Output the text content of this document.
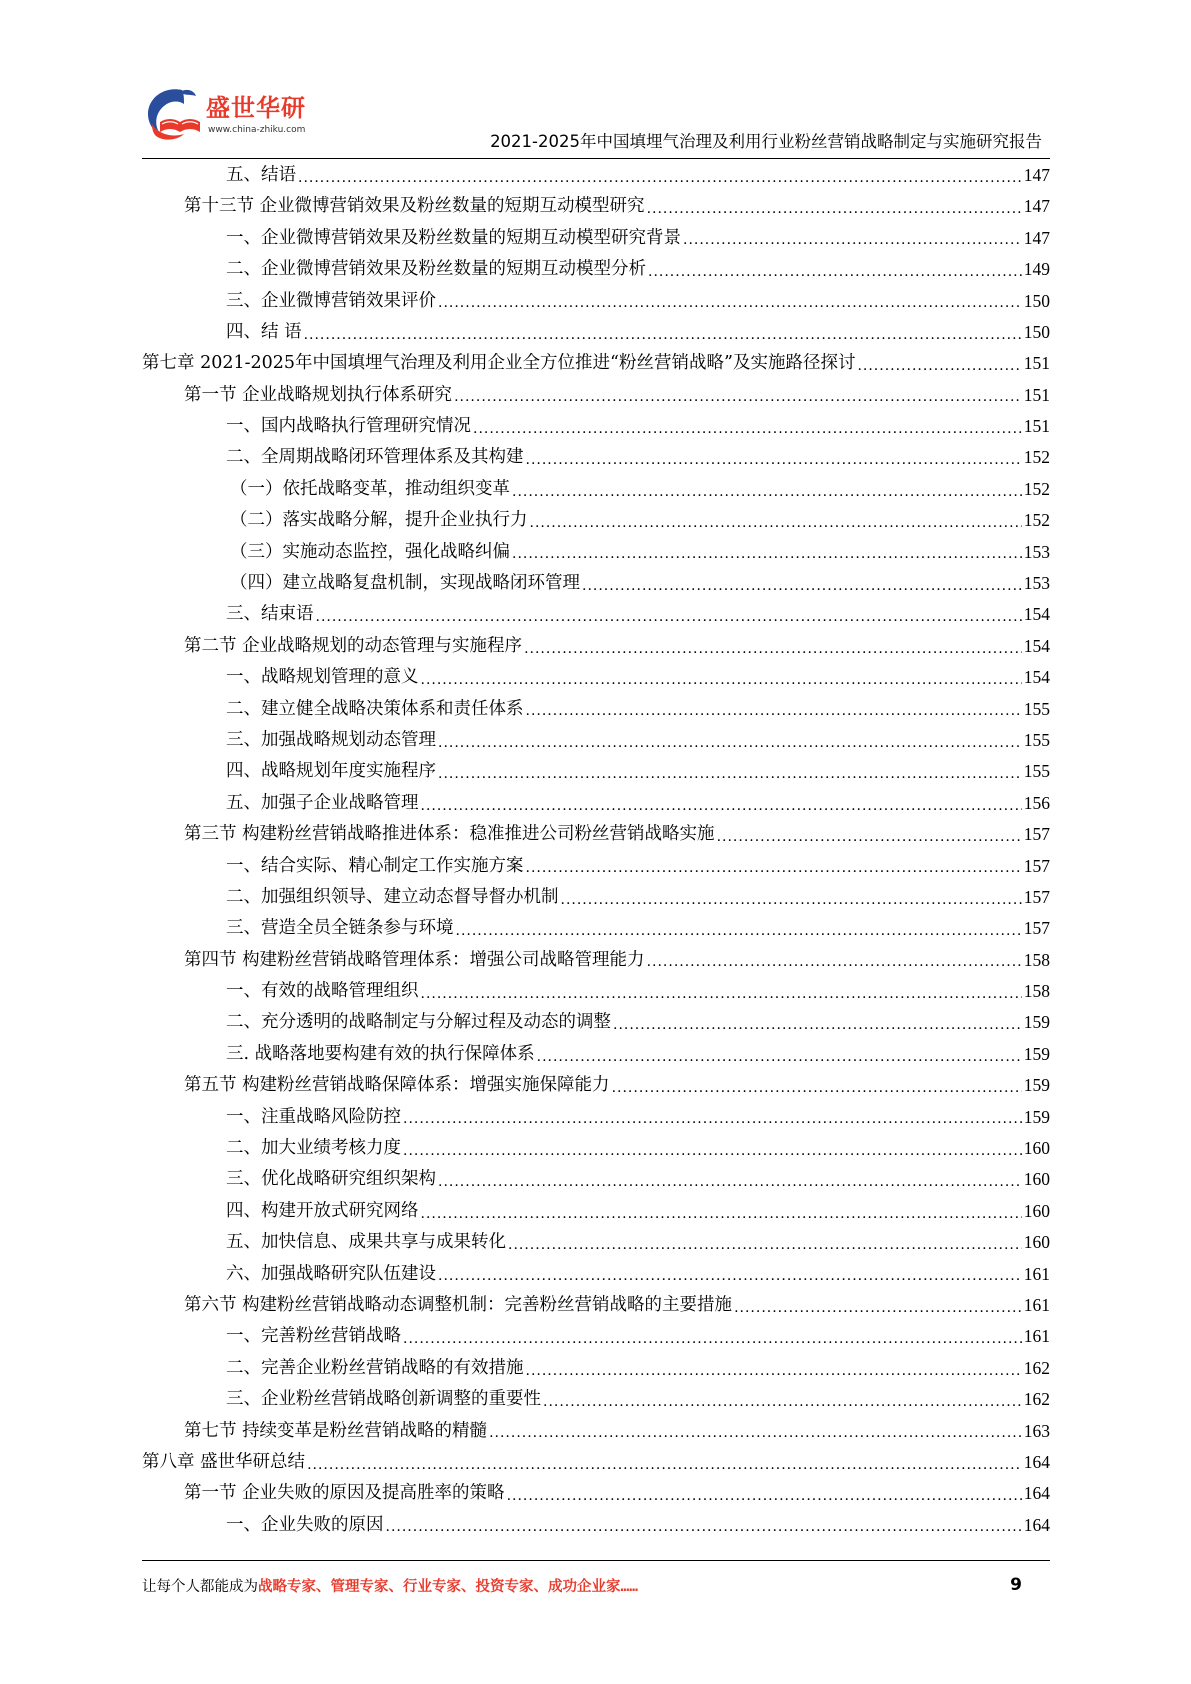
盛世华研
www.china-zhiku.com
2021-2025年中国填埋气治理及利用行业粉丝营销战略制定与实施研究报告
五、结语 .....	147
第十三节 企业微博营销效果及粉丝数量的短期互动模型研究 .....	147
一、企业微博营销效果及粉丝数量的短期互动模型研究背景 .....	147
二、企业微博营销效果及粉丝数量的短期互动模型分析 .....	149
三、企业微博营销效果评价 .....	150
四、结 语 .....	150
第七章 2021-2025年中国填埋气治理及利用企业全方位推进“粉丝营销战略”及实施路径探讨 .....	151
第一节 企业战略规划执行体系研究 .....	151
一、国内战略执行管理研究情况 .....	151
二、全周期战略闭环管理体系及其构建 .....	152
（一）依托战略变革，推动组织变革 .....	152
（二）落实战略分解，提升企业执行力 .....	152
（三）实施动态监控，强化战略纠偏 .....	153
（四）建立战略复盘机制，实现战略闭环管理 .....	153
三、结束语 .....	154
第二节 企业战略规划的动态管理与实施程序 .....	154
一、战略规划管理的意义 .....	154
二、建立健全战略决策体系和责任体系 .....	155
三、加强战略规划动态管理 .....	155
四、战略规划年度实施程序 .....	155
五、加强子企业战略管理 .....	156
第三节 构建粉丝营销战略推进体系：稳准推进公司粉丝营销战略实施 .....	157
一、结合实际、精心制定工作实施方案 .....	157
二、加强组织领导、建立动态督导督办机制 .....	157
三、营造全员全链条参与环境 .....	157
第四节 构建粉丝营销战略管理体系：增强公司战略管理能力 .....	158
一、有效的战略管理组织 .....	158
二、充分透明的战略制定与分解过程及动态的调整 .....	159
三. 战略落地要构建有效的执行保障体系 .....	159
第五节 构建粉丝营销战略保障体系：增强实施保障能力 .....	159
一、注重战略风险防控 .....	159
二、加大业绩考核力度 .....	160
三、优化战略研究组织架构 .....	160
四、构建开放式研究网络 .....	160
五、加快信息、成果共享与成果转化 .....	160
六、加强战略研究队伍建设 .....	161
第六节 构建粉丝营销战略动态调整机制：完善粉丝营销战略的主要措施 .....	161
一、完善粉丝营销战略 .....	161
二、完善企业粉丝营销战略的有效措施 .....	162
三、企业粉丝营销战略创新调整的重要性 .....	162
第七节 持续变革是粉丝营销战略的精髓 .....	163
第八章 盛世华研总结 .....	164
第一节 企业失败的原因及提高胜率的策略 .....	164
一、企业失败的原因 .....	164
让每个人都能成为战略专家、管理专家、行业专家、投资专家、成功企业家……	9
